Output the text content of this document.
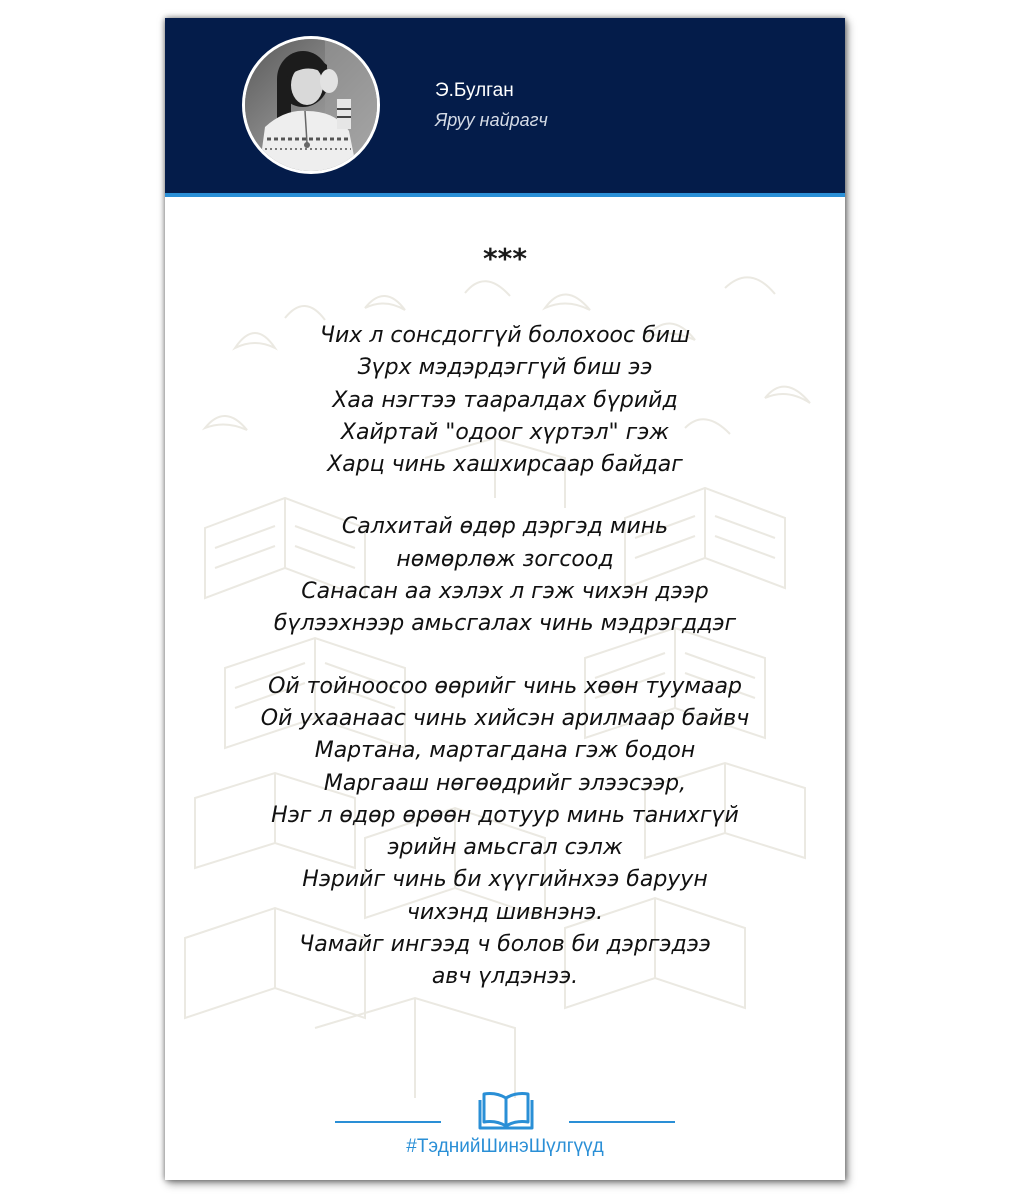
Э.Булган
Яруу найрагч
***
Чих л сонсдоггүй болохоос биш
Зүрх мэдэрдэггүй биш ээ
Хаа нэгтээ тааралдах бүрийд
Хайртай "одоог хүртэл" гэж
Харц чинь хашхирсаар байдаг
Салхитай өдөр дэргэд минь
нөмөрлөж зогсоод
Санасан аа хэлэх л гэж чихэн дээр
бүлээхнээр амьсгалах чинь мэдрэгддэг
Ой тойноосоо өөрийг чинь хөөн туумаар
Ой ухаанаас чинь хийсэн арилмаар байвч
Мартана, мартагдана гэж бодон
Маргааш нөгөөдрийг элээсээр,
Нэг л өдөр өрөөн дотуур минь танихгүй
эрийн амьсгал сэлж
Нэрийг чинь би хүүгийнхээ баруун
чихэнд шивнэнэ.
Чамайг ингээд ч болов би дэргэдээ
авч үлдэнээ.
#ТэднийШинэШүлгүүд
